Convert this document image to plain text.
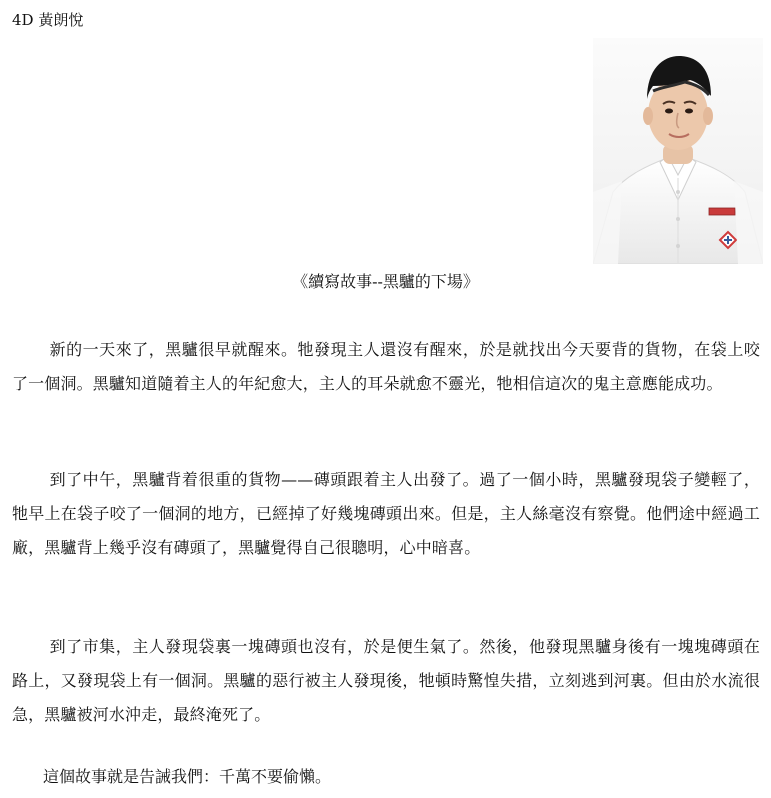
4D 黃朗悅
《續寫故事--黑驢的下場》
新的一天來了，黑驢很早就醒來。牠發現主人還沒有醒來，於是就找出今天要背的貨物，在袋上咬了一個洞。黑驢知道隨着主人的年紀愈大，主人的耳朵就愈不靈光，牠相信這次的鬼主意應能成功。
到了中午，黑驢背着很重的貨物——磚頭跟着主人出發了。過了一個小時，黑驢發現袋子變輕了，牠早上在袋子咬了一個洞的地方，已經掉了好幾塊磚頭出來。但是，主人絲毫沒有察覺。他們途中經過工廠，黑驢背上幾乎沒有磚頭了，黑驢覺得自己很聰明，心中暗喜。
到了市集，主人發現袋裏一塊磚頭也沒有，於是便生氣了。然後，他發現黑驢身後有一塊塊磚頭在路上，又發現袋上有一個洞。黑驢的惡行被主人發現後，牠頓時驚惶失措，立刻逃到河裏。但由於水流很急，黑驢被河水沖走，最終淹死了。
這個故事就是告誡我們：千萬不要偷懶。
